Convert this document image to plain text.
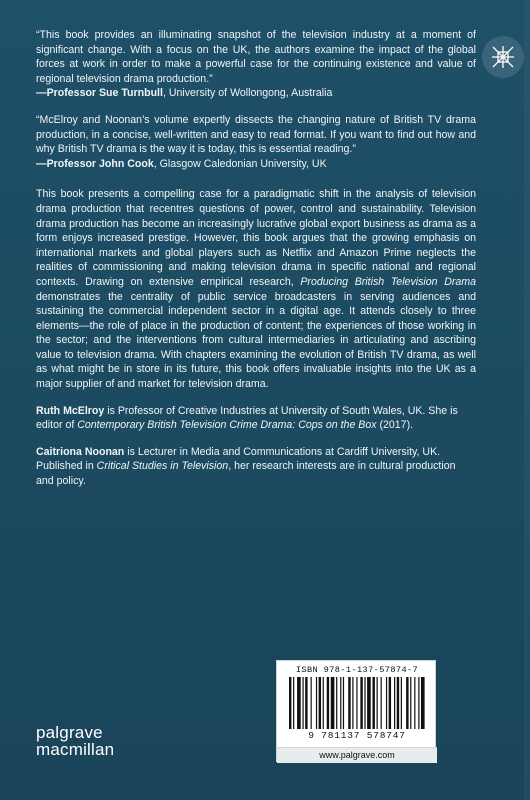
“This book provides an illuminating snapshot of the television industry at a moment of significant change. With a focus on the UK, the authors examine the impact of the global forces at work in order to make a powerful case for the continuing existence and value of regional television drama production.”
—Professor Sue Turnbull, University of Wollongong, Australia
“McElroy and Noonan’s volume expertly dissects the changing nature of British TV drama production, in a concise, well-written and easy to read format. If you want to find out how and why British TV drama is the way it is today, this is essential reading.”
—Professor John Cook, Glasgow Caledonian University, UK
This book presents a compelling case for a paradigmatic shift in the analysis of television drama production that recentres questions of power, control and sustainability. Television drama production has become an increasingly lucrative global export business as drama as a form enjoys increased prestige. However, this book argues that the growing emphasis on international markets and global players such as Netflix and Amazon Prime neglects the realities of commissioning and making television drama in specific national and regional contexts. Drawing on extensive empirical research, Producing British Television Drama demonstrates the centrality of public service broadcasters in serving audiences and sustaining the commercial independent sector in a digital age. It attends closely to three elements—the role of place in the production of content; the experiences of those working in the sector; and the interventions from cultural intermediaries in articulating and ascribing value to television drama. With chapters examining the evolution of British TV drama, as well as what might be in store in its future, this book offers invaluable insights into the UK as a major supplier of and market for television drama.
Ruth McElroy is Professor of Creative Industries at University of South Wales, UK. She is editor of Contemporary British Television Crime Drama: Cops on the Box (2017).
Caitriona Noonan is Lecturer in Media and Communications at Cardiff University, UK. Published in Critical Studies in Television, her research interests are in cultural production and policy.
ISBN 978-1-137-57874-7
9 781137 578747
www.palgrave.com
palgrave
macmillan
